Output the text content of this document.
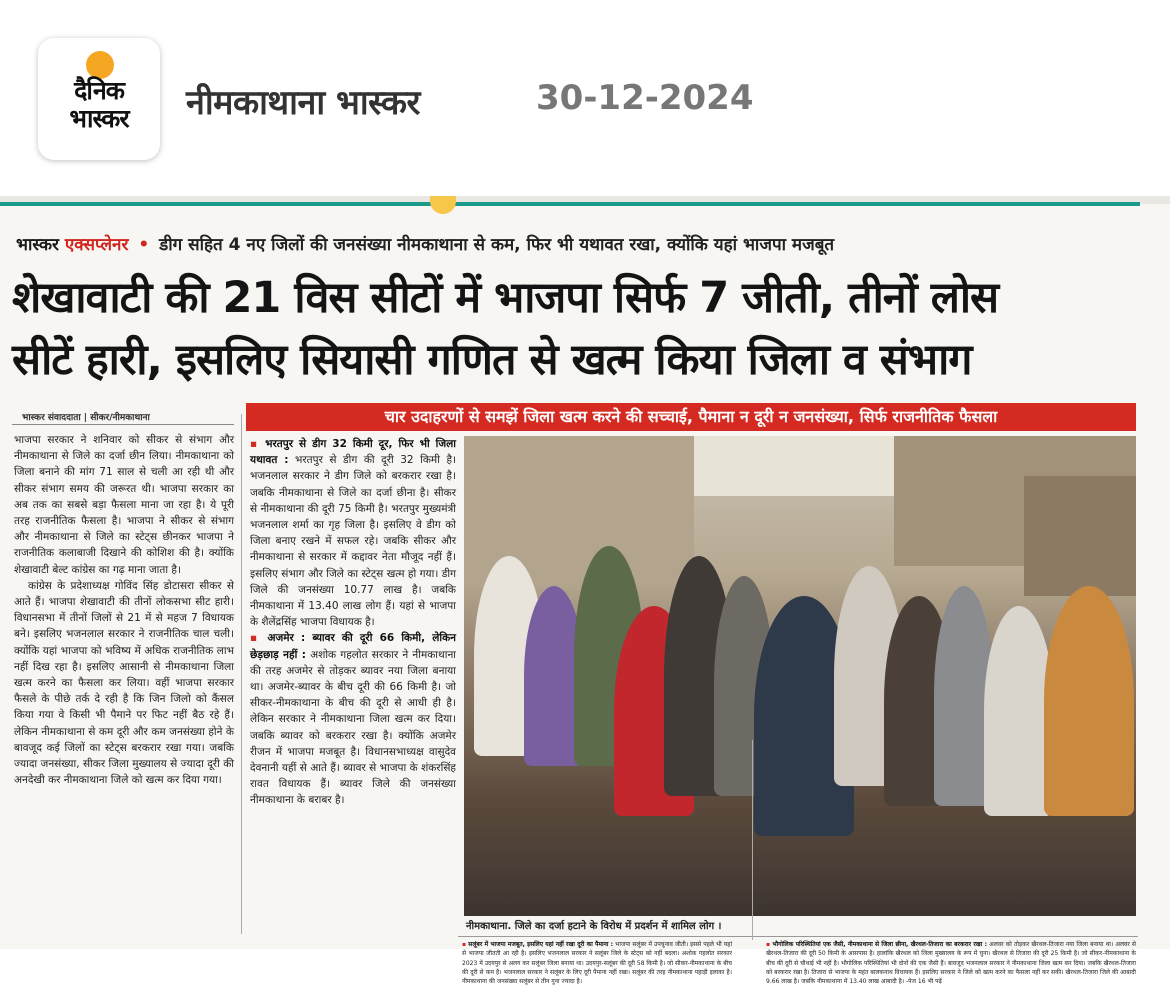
दैनिक
भास्कर	नीमकाथाना भास्कर	30-12-2024
भास्कर एक्सप्लेनर • डीग सहित 4 नए जिलों की जनसंख्या नीमकाथाना से कम, फिर भी यथावत रखा, क्योंकि यहां भाजपा मजबूत
शेखावाटी की 21 विस सीटों में भाजपा सिर्फ 7 जीती, तीनों लोस
सीटें हारी, इसलिए सियासी गणित से खत्म किया जिला व संभाग
भास्कर संवाददाता | सीकर/नीमकाथाना

भाजपा सरकार ने शनिवार को सीकर से संभाग और नीमकाथाना से जिले का दर्जा छीन लिया। नीमकाथाना को जिला बनाने की मांग 71 साल से चली आ रही थी और सीकर संभाग समय की जरूरत थी। भाजपा सरकार का अब तक का सबसे बड़ा फैसला माना जा रहा है। ये पूरी तरह राजनीतिक फैसला है। भाजपा ने सीकर से संभाग और नीमकाथाना से जिले का स्टेट्स छीनकर भाजपा ने राजनीतिक कलाबाजी दिखाने की कोशिश की है। क्योंकि शेखावाटी बेल्ट कांग्रेस का गढ़ माना जाता है।

कांग्रेस के प्रदेशाध्यक्ष गोविंद सिंह डोटासरा सीकर से आते हैं। भाजपा शेखावाटी की तीनों लोकसभा सीट हारी। विधानसभा में तीनों जिलों से 21 में से महज 7 विधायक बने। इसलिए भजनलाल सरकार ने राजनीतिक चाल चली। क्योंकि यहां भाजपा को भविष्य में अधिक राजनीतिक लाभ नहीं दिख रहा है। इसलिए आसानी से नीमकाथाना जिला खत्म करने का फैसला कर लिया। वहीं भाजपा सरकार फैसले के पीछे तर्क दे रही है कि जिन जिलो को कैंसल किया गया वे किसी भी पैमाने पर फिट नहीं बैठ रहे हैं। लेकिन नीमकाथाना से कम दूरी और कम जनसंख्या होने के बावजूद कई जिलों का स्टेट्स बरकरार रखा गया। जबकि ज्यादा जनसंख्या, सीकर जिला मुख्यालय से ज्यादा दूरी की अनदेखी कर नीमकाथाना जिले को खत्म कर दिया गया।

चार उदाहरणों से समझें जिला खत्म करने की सच्चाई, पैमाना न दूरी न जनसंख्या, सिर्फ राजनीतिक फैसला

▪ भरतपुर से डीग 32 किमी दूर, फिर भी जिला यथावत : भरतपुर से डीग की दूरी 32 किमी है। भजनलाल सरकार ने डीग जिले को बरकरार रखा है। जबकि नीमकाथाना से जिले का दर्जा छीना है। सीकर से नीमकाथाना की दूरी 75 किमी है। भरतपुर मुख्यमंत्री भजनलाल शर्मा का गृह जिला है। इसलिए वे डीग को जिला बनाए रखने में सफल रहे। जबकि सीकर और नीमकाथाना से सरकार में कद्दावर नेता मौजूद नहीं हैं। इसलिए संभाग और जिले का स्टेट्स खत्म हो गया। डीग जिले की जनसंख्या 10.77 लाख है। जबकि नीमकाथाना में 13.40 लाख लोग हैं। यहां से भाजपा के शैलेंद्रसिंह भाजपा विधायक है।

▪ अजमेर : ब्यावर की दूरी 66 किमी, लेकिन छेड़छाड़ नहीं : अशोक गहलोत सरकार ने नीमकाथाना की तरह अजमेर से तोड़कर ब्यावर नया जिला बनाया था। अजमेर-ब्यावर के बीच दूरी की 66 किमी है। जो सीकर-नीमकाथाना के बीच की दूरी से आधी ही है। लेकिन सरकार ने नीमकाथाना जिला खत्म कर दिया। जबकि ब्यावर को बरकरार रखा है। क्योंकि अजमेर रीजन में भाजपा मजबूत है। विधानसभाध्यक्ष वासुदेव देवनानी यहीं से आते हैं। ब्यावर से भाजपा के शंकरसिंह रावत विधायक हैं। ब्यावर जिले की जनसंख्या नीमकाथाना के बराबर है।

नीमकाथाना. जिले का दर्जा हटाने के विरोध में प्रदर्शन में शामिल लोग ।

▪ सलूंबर में भाजपा मजबूत, इसलिए यहां नहीं रखा दूरी का पैमाना : भाजपा सलूंबर में उपचुनाव जीती। इससे पहले भी यहां से भाजपा जीतती आ रही है। इसलिए भजनलाल सरकार ने सलूंबर जिले के स्टेट्स को नहीं बदला। अशोक गहलोत सरकार 2023 में उदयपुर से अलग कर सलूंबर जिला बनाया था। उदयपुर-सलूंबर की दूरी 58 किमी है। जो सीकर-नीमकाथाना के बीच की दूरी से कम है। भजनलाल सरकार ने सलूंबर के लिए दूरी पैमाना नहीं रखा। सलूंबर की तरह नीमकाथाना पहाड़ी इलाका है। नीमकाथाना की जनसंख्या सलूंबर से तीन गुना ज्यादा है।

▪ भौगोलिक परिस्थितियां एक जैसी, नीमकाथाना से जिला छीना, खैरथल-तिजारा का बरकरार रखा : अलवर को तोड़कर खैरथल-तिजारा नया जिला बनाया था। अलवर से खैरथल-तिजारा की दूरी 50 किमी के आसपास है। हालांकि खैरथल को जिला मुख्यालय के रूप में चुना। खैरथल से तिजारा की दूरी 25 किमी है। जो सीकर-नीमकाथाना के बीच की दूरी से चौथाई भी नहीं है। भौगोलिक परिस्थितियां भी दोनों की एक जैसी हैं। बावजूद भजनलाल सरकार ने नीमकाथाना जिला खत्म कर दिया। जबकि खैरथल-तिजारा को बरकरार रखा है। तिजारा से भाजपा के महंत बालकनाथ विधायक हैं। इसलिए सरकार ने जिले को खत्म करने का फैसला नहीं कर सकी। खैरथल-तिजारा जिले की आबादी 9.66 लाख है। जबकि नीमकाथाना में 13.40 लाख आबादी है। -पेज 16 भी पढ़ें
